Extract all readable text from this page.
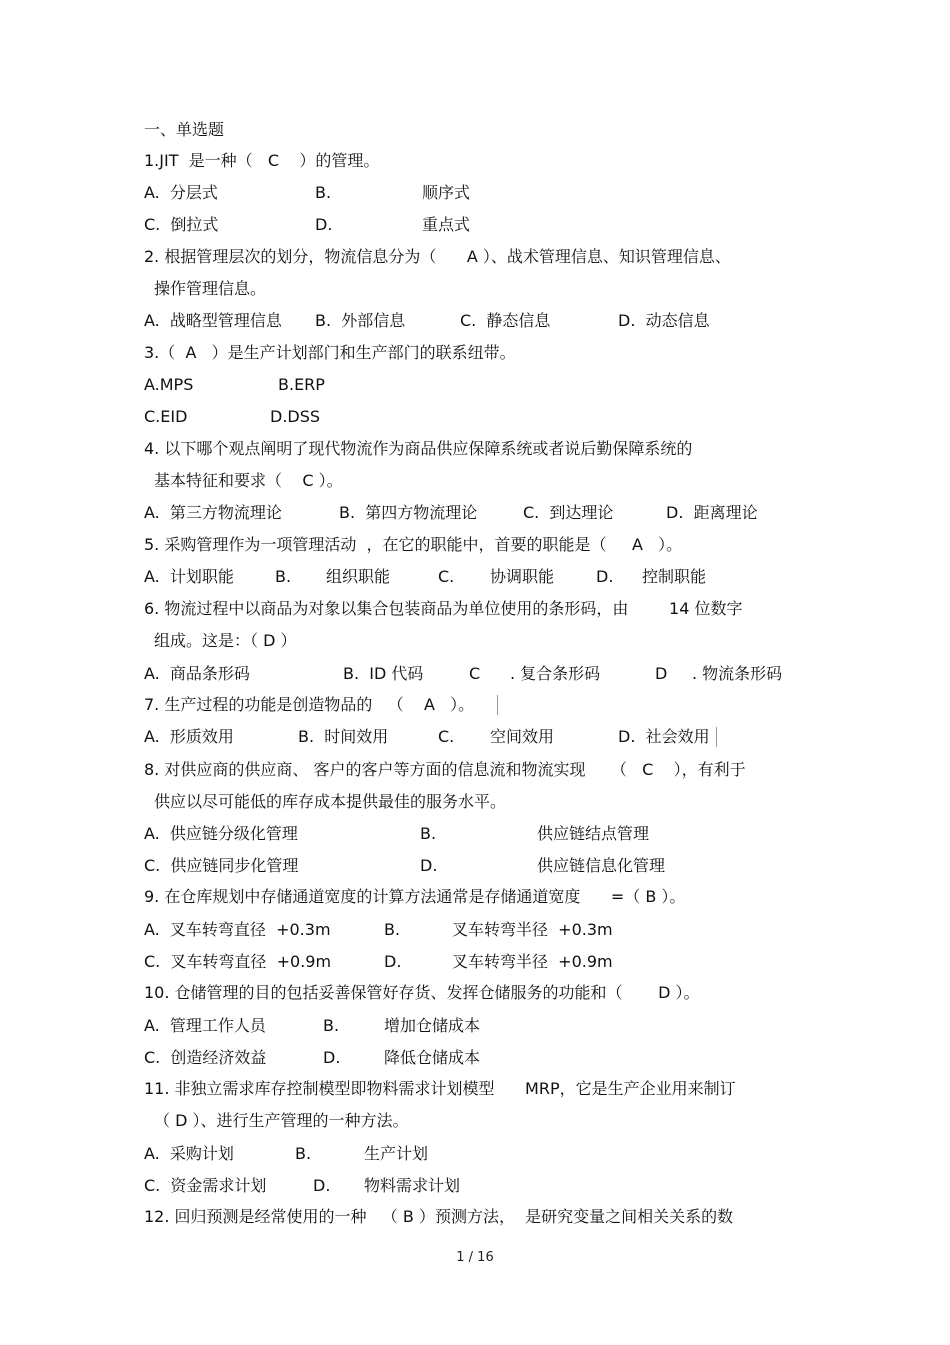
一、单选题
1.JIT  是一种（   C    ）的管理。
A.  分层式	B.	顺序式
C.  倒拉式	D.	重点式
2. 根据管理层次的划分，物流信息分为（      A ）、战术管理信息、知识管理信息、
操作管理信息。
A.  战略型管理信息 B.  外部信息	C.  静态信息	D.  动态信息
3.（  A   ）是生产计划部门和生产部门的联系纽带。
A.MPS	B.ERP
C.EID	D.DSS
4. 以下哪个观点阐明了现代物流作为商品供应保障系统或者说后勤保障系统的
基本特征和要求（    C ）。
A.  第三方物流理论	B.  第四方物流理论	C.  到达理论	D.  距离理论
5. 采购管理作为一项管理活动  ，在它的职能中，首要的职能是（     A   ）。
A.  计划职能	B. 组织职能	C. 协调职能	D. 控制职能
6. 物流过程中以商品为对象以集合包装商品为单位使用的条形码，由        14 位数字
组成。这是：（ D ）
A.  商品条形码	B.  ID 代码	C . 复合条形码	D . 物流条形码
7. 生产过程的功能是创造物品的   （    A   ）。
A.  形质效用	B.  时间效用	C. 空间效用	D.  社会效用
8. 对供应商的供应商、 客户的客户等方面的信息流和物流实现     （   C    ），有利于
供应以尽可能低的库存成本提供最佳的服务水平。
A.  供应链分级化管理	B.	供应链结点管理
C.  供应链同步化管理	D.	供应链信息化管理
9. 在仓库规划中存储通道宽度的计算方法通常是存储通道宽度      =（ B ）。
A.  叉车转弯直径  +0.3m	B.	叉车转弯半径  +0.3m
C.  叉车转弯直径  +0.9m	D.	叉车转弯半径  +0.9m
10. 仓储管理的目的包括妥善保管好存货、发挥仓储服务的功能和（       D ）。
A.  管理工作人员	B.	增加仓储成本
C.  创造经济效益	D.	降低仓储成本
11. 非独立需求库存控制模型即物料需求计划模型      MRP，它是生产企业用来制订
（ D ）、进行生产管理的一种方法。
A.  采购计划	B.	生产计划
C.  资金需求计划	D. 物料需求计划
12. 回归预测是经常使用的一种   （ B ）预测方法，  是研究变量之间相关关系的数
1 / 16
